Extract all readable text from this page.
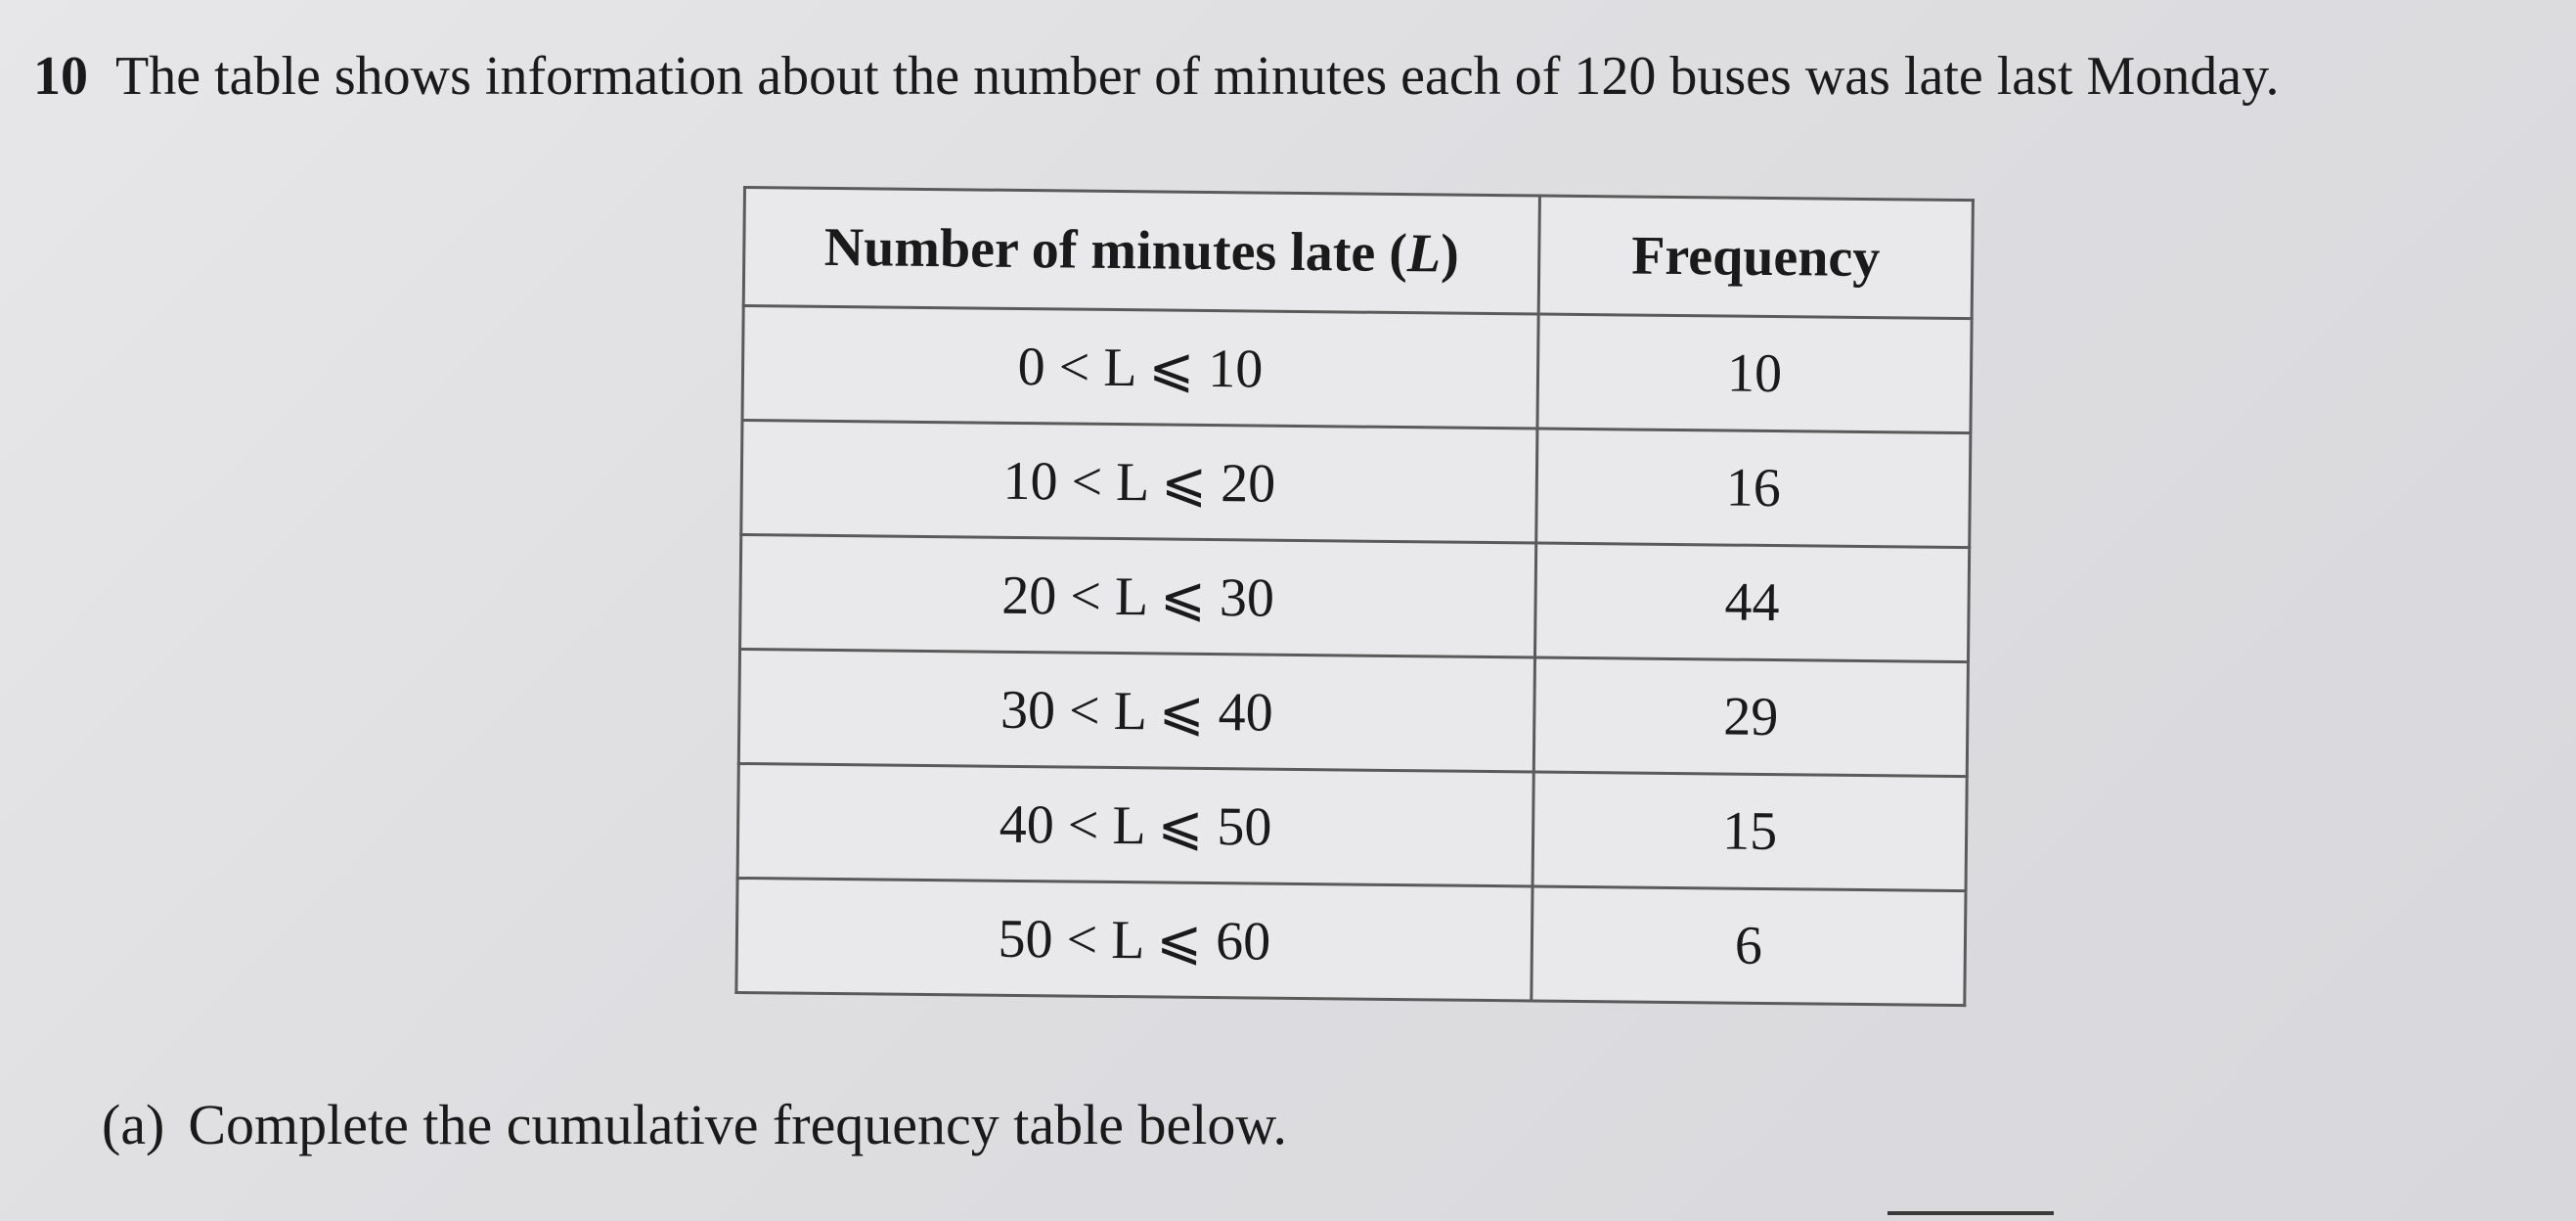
10 The table shows information about the number of minutes each of 120 buses was late last Monday.
Number of minutes late (L)	Frequency
0 < L ⩽ 10	10
10 < L ⩽ 20	16
20 < L ⩽ 30	44
30 < L ⩽ 40	29
40 < L ⩽ 50	15
50 < L ⩽ 60	6
(a) Complete the cumulative frequency table below.
